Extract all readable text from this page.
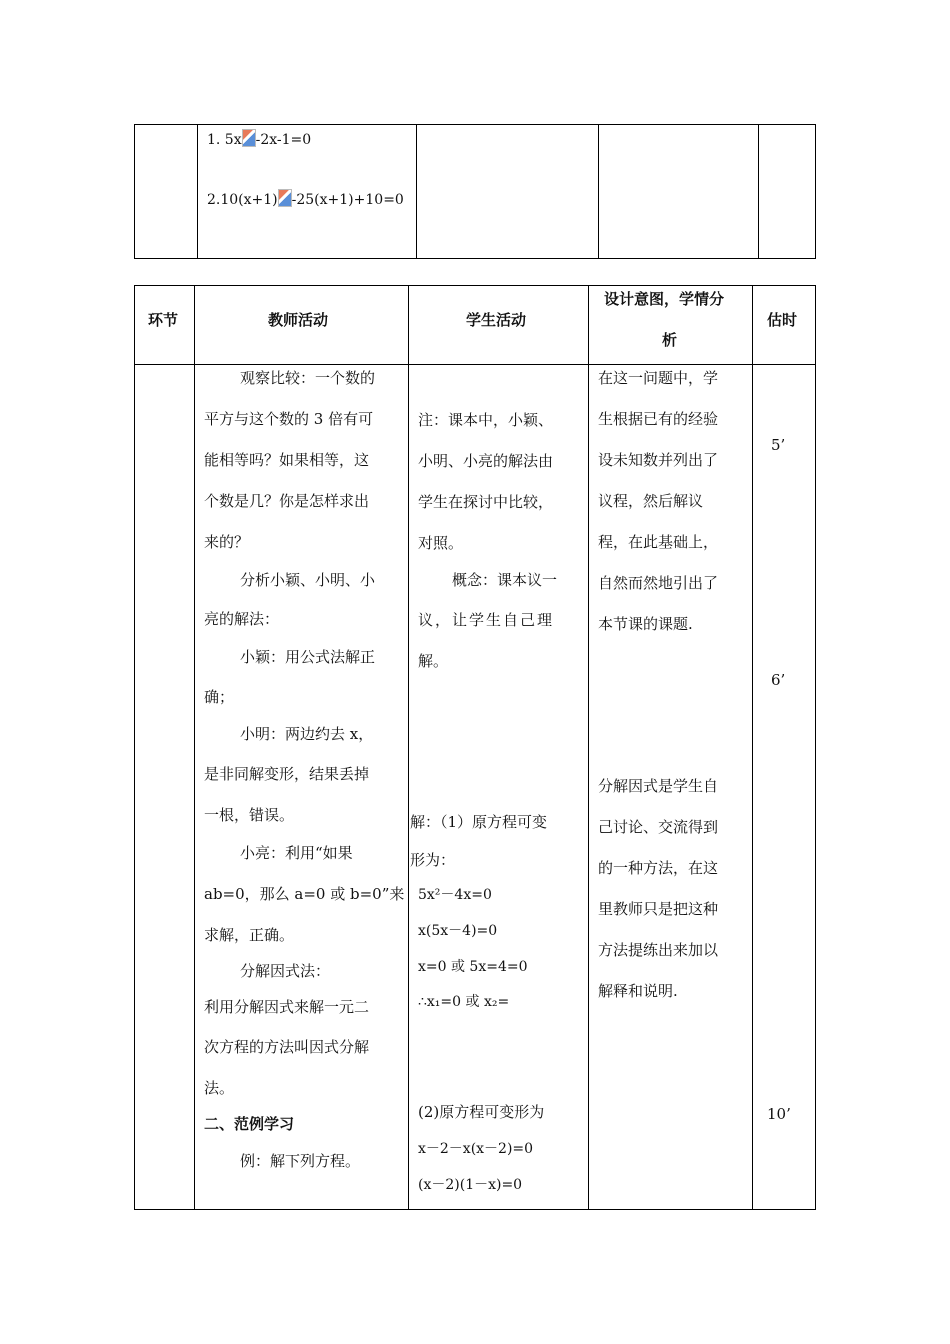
1. 5x -2x-1=0
2.10(x+1) -25(x+1)+10=0
环节	教师活动	学生活动
设计意图，学情分
析
估时
观察比较：一个数的
平方与这个数的 3 倍有可
能相等吗？如果相等，这
个数是几？你是怎样求出
来的？
分析小颖、小明、小
亮的解法：
小颖：用公式法解正
确；
小明：两边约去 x，
是非同解变形，结果丢掉
一根，错误。
小亮：利用“如果
ab=0，那么 a=0 或 b=0”来
求解，正确。
分解因式法：
利用分解因式来解一元二
次方程的方法叫因式分解
法。
二、范例学习
例：解下列方程。
注：课本中，小颖、
小明、小亮的解法由
学生在探讨中比较，
对照。
概念：课本议一
议，让学生自己理
解。
解：（1）原方程可变
形为：
5x²－4x=0
x(5x－4)=0
x=0 或 5x=4=0
∴x₁=0 或 x₂=
(2)原方程可变形为
x－2－x(x－2)=0
(x－2)(1－x)=0
在这一问题中，学
生根据已有的经验
设未知数并列出了
议程，然后解议
程，在此基础上，
自然而然地引出了
本节课的课题.
分解因式是学生自
己讨论、交流得到
的一种方法，在这
里教师只是把这种
方法提练出来加以
解释和说明.
5’
6’
10’
